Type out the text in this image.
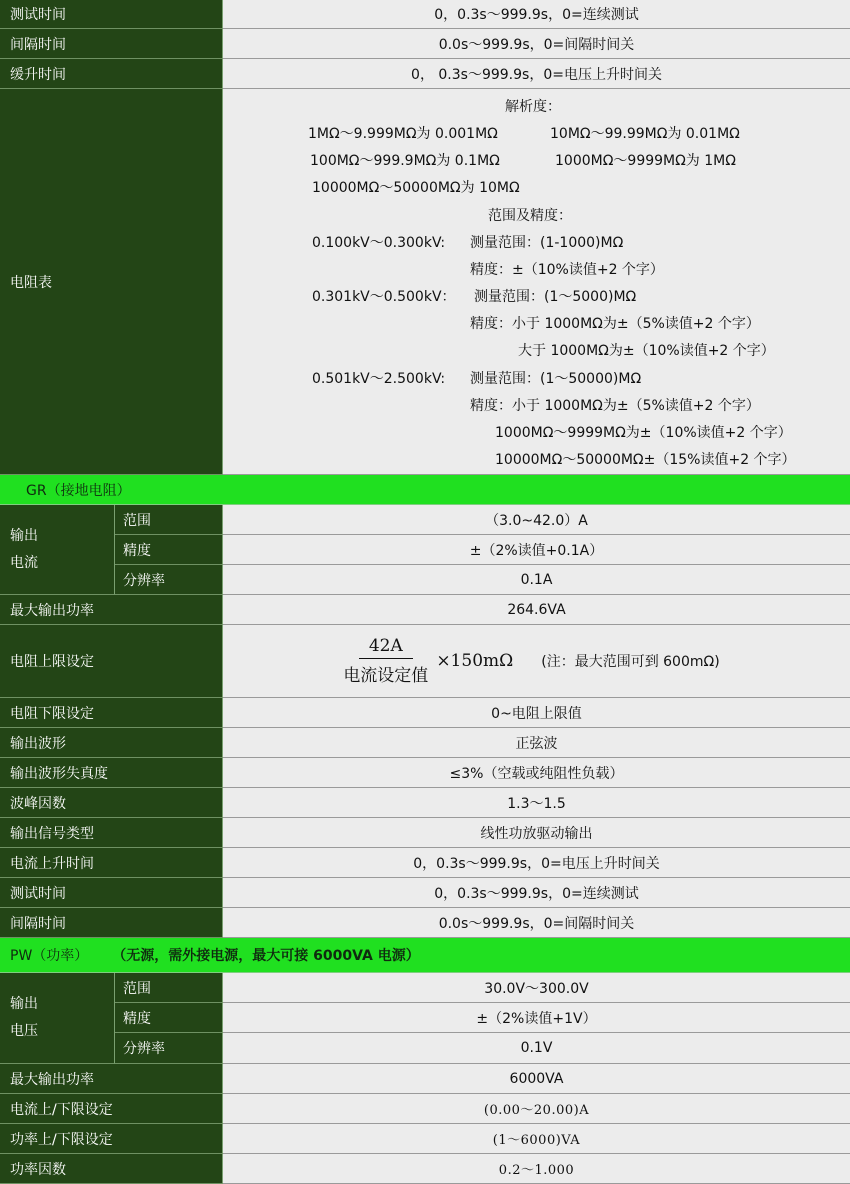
测试时间	0，0.3s～999.9s，0=连续测试
间隔时间	0.0s～999.9s，0=间隔时间关
缓升时间	0， 0.3s～999.9s，0=电压上升时间关
电阻表
解析度：
1MΩ～9.999MΩ为 0.001MΩ	10MΩ～99.99MΩ为 0.01MΩ
100MΩ～999.9MΩ为 0.1MΩ	1000MΩ～9999MΩ为 1MΩ
10000MΩ～50000MΩ为 10MΩ
范围及精度：
0.100kV～0.300kV: 测量范围：(1-1000)MΩ
精度：±（10%读值+2 个字）
0.301kV～0.500kV： 测量范围：(1～5000)MΩ
精度：小于 1000MΩ为±（5%读值+2 个字）
大于 1000MΩ为±（10%读值+2 个字）
0.501kV～2.500kV: 测量范围：(1～50000)MΩ
精度：小于 1000MΩ为±（5%读值+2 个字）
1000MΩ～9999MΩ为±（10%读值+2 个字）
10000MΩ～50000MΩ±（15%读值+2 个字）
GR（接地电阻）
输出
电流
范围	（3.0~42.0）A
精度	±（2%读值+0.1A）
分辨率	0.1A
最大输出功率	264.6VA
电阻上限设定	$\frac{42A}{\text{电流设定值}} \times 150m\Omega$ (注：最大范围可到 600mΩ)
电阻下限设定	0~电阻上限值
输出波形	正弦波
输出波形失真度	≤3%（空载或纯阻性负载）
波峰因数	1.3～1.5
输出信号类型	线性功放驱动输出
电流上升时间	0，0.3s～999.9s，0=电压上升时间关
测试时间	0，0.3s～999.9s，0=连续测试
间隔时间	0.0s～999.9s，0=间隔时间关
PW（功率） （无源，需外接电源，最大可接 6000VA 电源）
输出
电压
范围	30.0V～300.0V
精度	±（2%读值+1V）
分辨率	0.1V
最大输出功率	6000VA
电流上/下限设定	(0.00～20.00)A
功率上/下限设定	(1～6000)VA
功率因数	0.2～1.000
